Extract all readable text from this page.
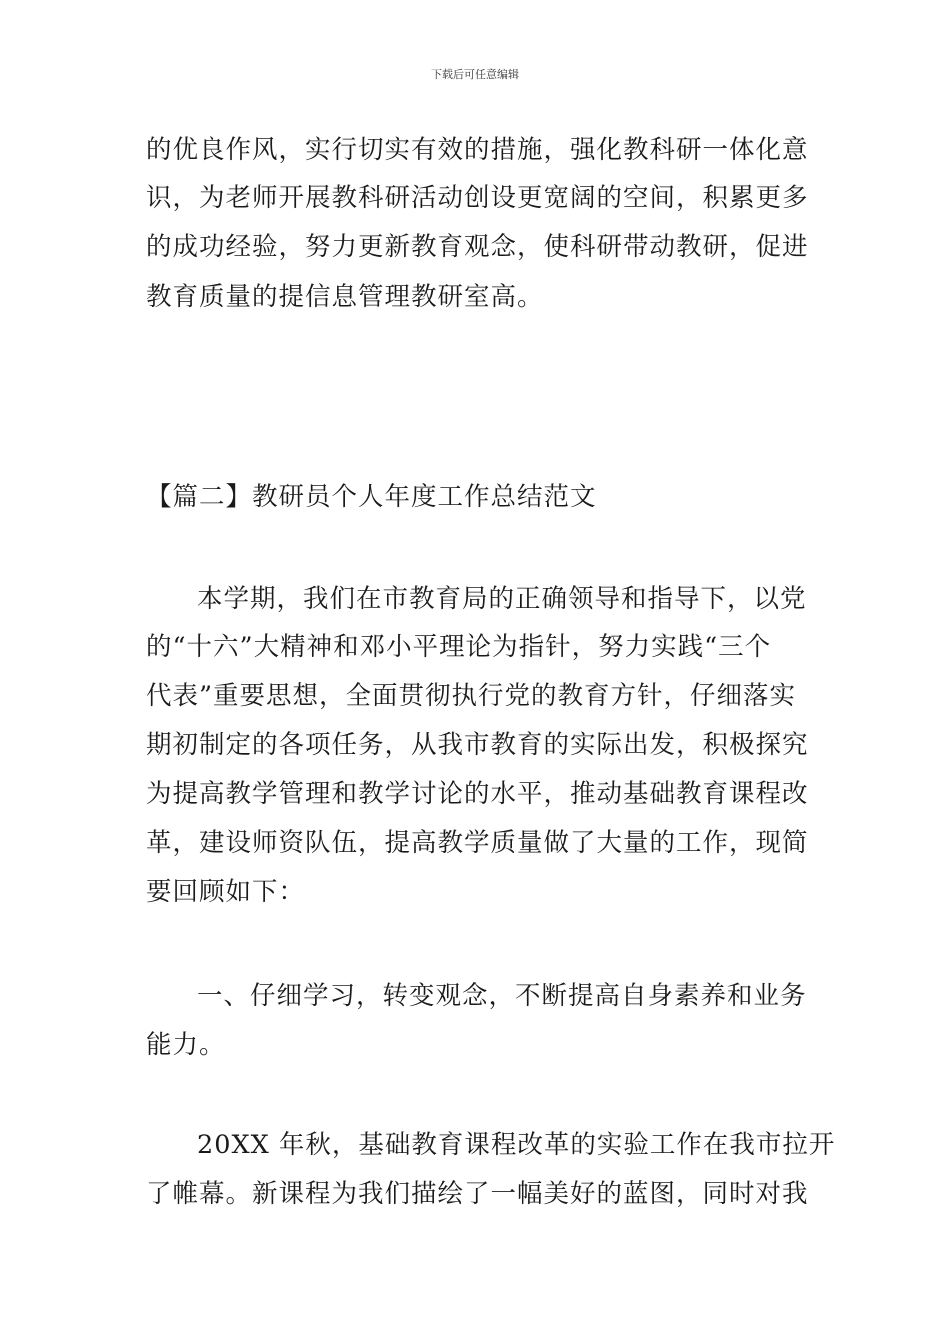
下载后可任意编辑
的优良作风，实行切实有效的措施，强化教科研一体化意
识，为老师开展教科研活动创设更宽阔的空间，积累更多
的成功经验，努力更新教育观念，使科研带动教研，促进
教育质量的提信息管理教研室高。
【篇二】教研员个人年度工作总结范文
本学期，我们在市教育局的正确领导和指导下，以党
的“十六”大精神和邓小平理论为指针，努力实践“三个
代表”重要思想，全面贯彻执行党的教育方针，仔细落实
期初制定的各项任务，从我市教育的实际出发，积极探究
为提高教学管理和教学讨论的水平，推动基础教育课程改
革，建设师资队伍，提高教学质量做了大量的工作，现简
要回顾如下：
一、仔细学习，转变观念，不断提高自身素养和业务
能力。
20XX 年秋，基础教育课程改革的实验工作在我市拉开
了帷幕。新课程为我们描绘了一幅美好的蓝图，同时对我
